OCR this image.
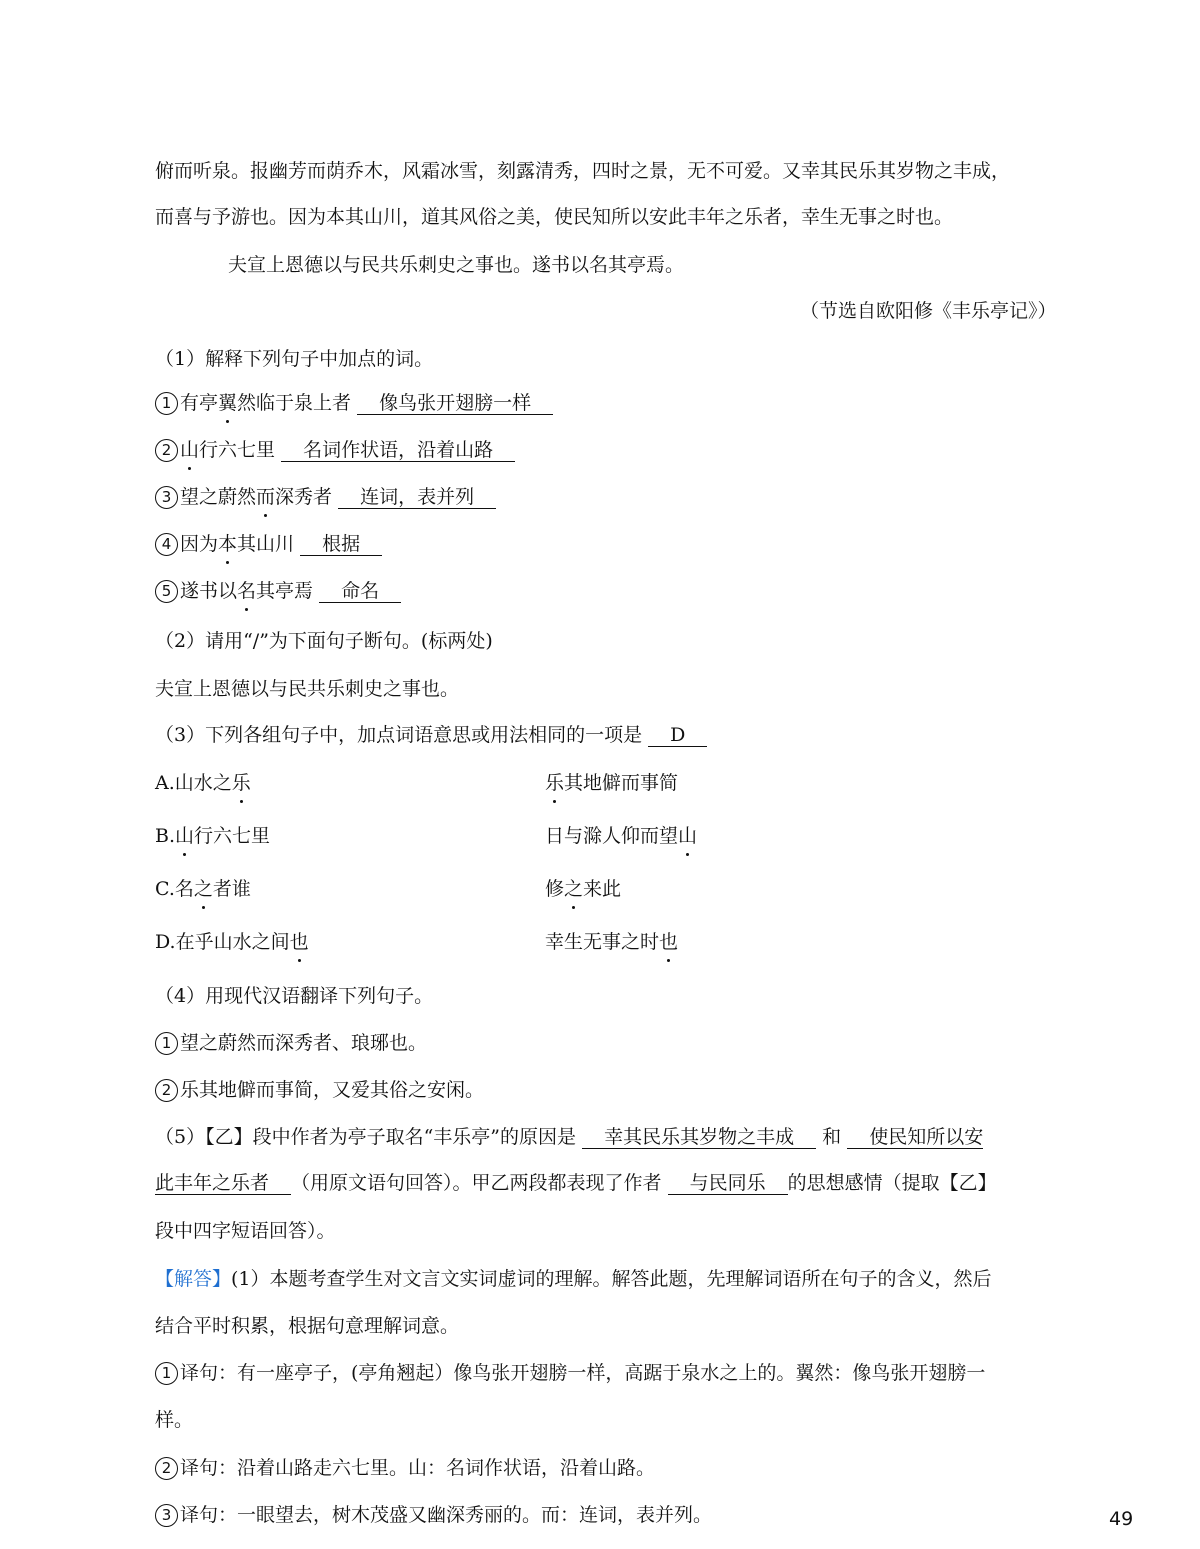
俯而听泉。报幽芳而荫乔木，风霜冰雪，刻露清秀，四时之景，无不可爱。又幸其民乐其岁物之丰成，
而喜与予游也。因为本其山川，道其风俗之美，使民知所以安此丰年之乐者，幸生无事之时也。
夫宣上恩德以与民共乐刺史之事也。遂书以名其亭焉。
（节选自欧阳修《丰乐亭记》）
（1）解释下列句子中加点的词。
1 有亭翼然临于泉上者 像鸟张开翅膀一样
2 山行六七里 名词作状语，沿着山路
3 望之蔚然而深秀者 连词，表并列
4 因为本其山川 根据
5 遂书以名其亭焉 命名
（2）请用“/”为下面句子断句。(标两处)
夫宣上恩德以与民共乐刺史之事也。
（3）下列各组句子中，加点词语意思或用法相同的一项是 D
A.山水之乐	乐其地僻而事简
B.山行六七里	日与滁人仰而望山
C.名之者谁	修之来此
D.在乎山水之间也	幸生无事之时也
（4）用现代汉语翻译下列句子。
1 望之蔚然而深秀者、琅琊也。
2 乐其地僻而事简，又爱其俗之安闲。
（5）【乙】段中作者为亭子取名“丰乐亭”的原因是 幸其民乐其岁物之丰成 和 使民知所以安
此丰年之乐者 （用原文语句回答）。甲乙两段都表现了作者 与民同乐 的思想感情（提取【乙】
段中四字短语回答）。
【解答】(1）本题考查学生对文言文实词虚词的理解。解答此题，先理解词语所在句子的含义，然后
结合平时积累，根据句意理解词意。
1 译句：有一座亭子，(亭角翘起）像鸟张开翅膀一样，高踞于泉水之上的。翼然：像鸟张开翅膀一
样。
2 译句：沿着山路走六七里。山：名词作状语，沿着山路。
3 译句：一眼望去，树木茂盛又幽深秀丽的。而：连词，表并列。	49
